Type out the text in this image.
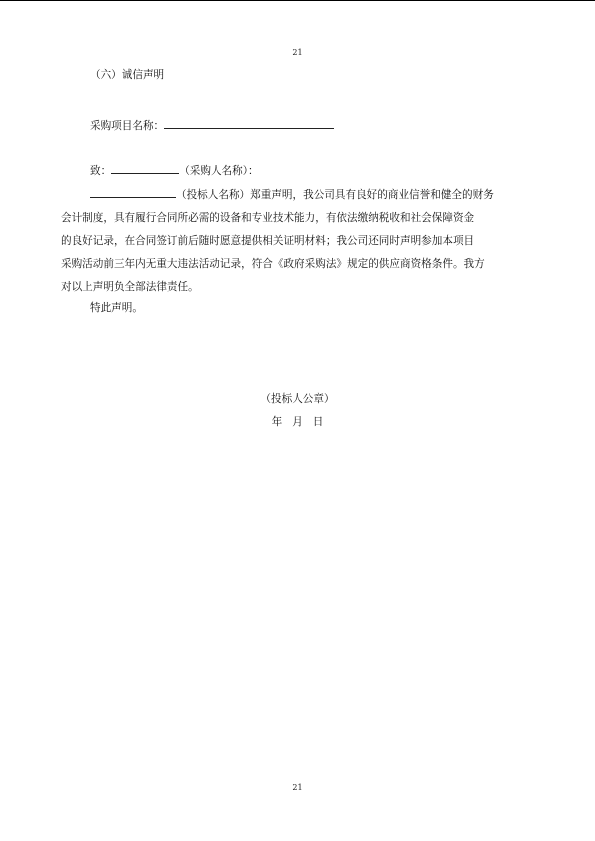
21
（六）诚信声明
采购项目名称：
致：	（采购人名称）：

（投标人名称）郑重声明，我公司具有良好的商业信誉和健全的财务

会计制度，具有履行合同所必需的设备和专业技术能力，有依法缴纳税收和社会保障资金

的良好记录，在合同签订前后随时愿意提供相关证明材料；我公司还同时声明参加本项目

采购活动前三年内无重大违法活动记录，符合《政府采购法》规定的供应商资格条件。我方

对以上声明负全部法律责任。

特此声明。
（投标人公章）
年 月 日
21
